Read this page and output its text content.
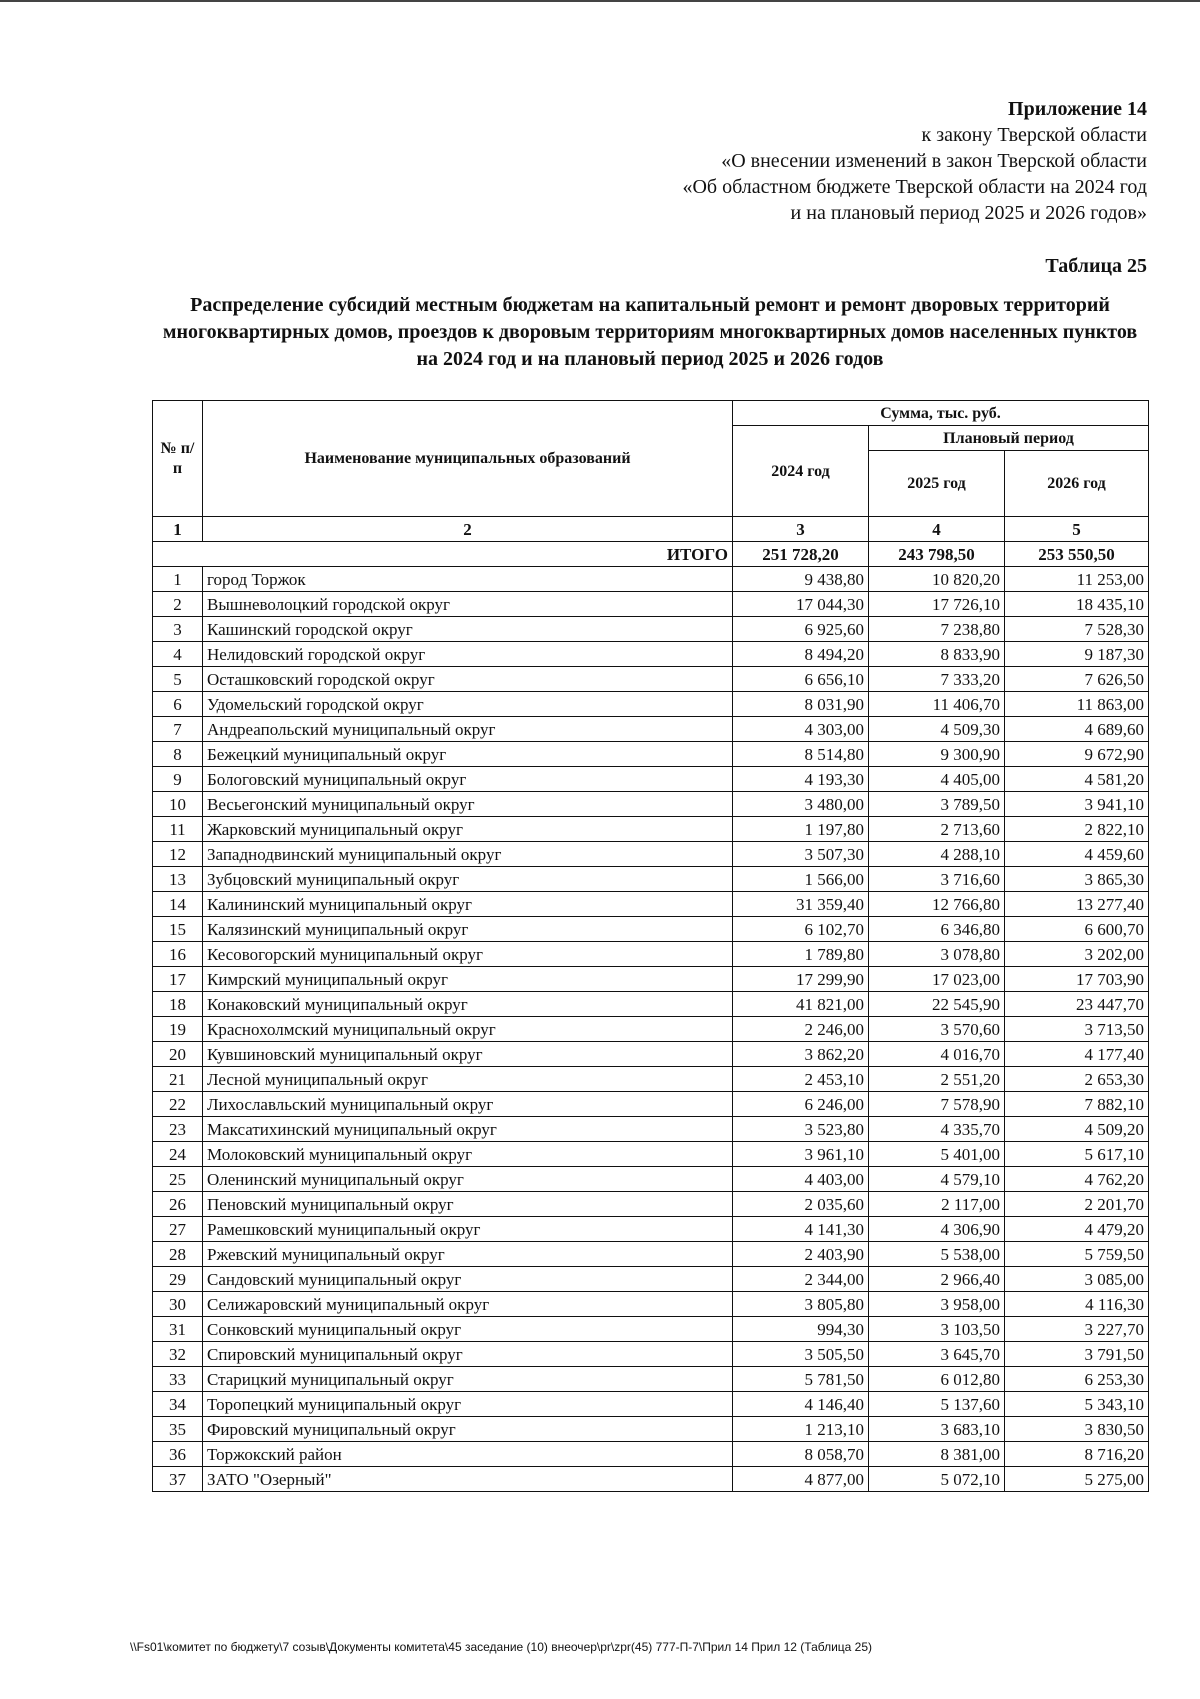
Приложение 14
к закону Тверской области
«О внесении изменений в закон Тверской области
«Об областном бюджете Тверской области на 2024 год
и на плановый период 2025 и 2026 годов»
Таблица 25
Распределение субсидий местным бюджетам на капитальный ремонт и ремонт дворовых территорий многоквартирных домов, проездов к дворовым территориям многоквартирных домов населенных пунктов на 2024 год и на плановый период 2025 и 2026 годов
№ п/п	Наименование муниципальных образований	Сумма, тыс. руб.		
		2024 год	Плановый период	
			2025 год	2026 год
1	2	3	4	5
ИТОГО		251 728,20	243 798,50	253 550,50
1	город Торжок	9 438,80	10 820,20	11 253,00
2	Вышневолоцкий городской округ	17 044,30	17 726,10	18 435,10
3	Кашинский городской округ	6 925,60	7 238,80	7 528,30
4	Нелидовский городской округ	8 494,20	8 833,90	9 187,30
5	Осташковский городской округ	6 656,10	7 333,20	7 626,50
6	Удомельский городской округ	8 031,90	11 406,70	11 863,00
7	Андреапольский муниципальный округ	4 303,00	4 509,30	4 689,60
8	Бежецкий муниципальный округ	8 514,80	9 300,90	9 672,90
9	Бологовский муниципальный округ	4 193,30	4 405,00	4 581,20
10	Весьегонский муниципальный округ	3 480,00	3 789,50	3 941,10
11	Жарковский муниципальный округ	1 197,80	2 713,60	2 822,10
12	Западнодвинский муниципальный округ	3 507,30	4 288,10	4 459,60
13	Зубцовский муниципальный округ	1 566,00	3 716,60	3 865,30
14	Калининский муниципальный округ	31 359,40	12 766,80	13 277,40
15	Калязинский муниципальный округ	6 102,70	6 346,80	6 600,70
16	Кесовогорский муниципальный округ	1 789,80	3 078,80	3 202,00
17	Кимрский муниципальный округ	17 299,90	17 023,00	17 703,90
18	Конаковский муниципальный округ	41 821,00	22 545,90	23 447,70
19	Краснохолмский муниципальный округ	2 246,00	3 570,60	3 713,50
20	Кувшиновский муниципальный округ	3 862,20	4 016,70	4 177,40
21	Лесной муниципальный округ	2 453,10	2 551,20	2 653,30
22	Лихославльский муниципальный округ	6 246,00	7 578,90	7 882,10
23	Максатихинский муниципальный округ	3 523,80	4 335,70	4 509,20
24	Молоковский муниципальный округ	3 961,10	5 401,00	5 617,10
25	Оленинский муниципальный округ	4 403,00	4 579,10	4 762,20
26	Пеновский муниципальный округ	2 035,60	2 117,00	2 201,70
27	Рамешковский муниципальный округ	4 141,30	4 306,90	4 479,20
28	Ржевский муниципальный округ	2 403,90	5 538,00	5 759,50
29	Сандовский муниципальный округ	2 344,00	2 966,40	3 085,00
30	Селижаровский муниципальный округ	3 805,80	3 958,00	4 116,30
31	Сонковский муниципальный округ	994,30	3 103,50	3 227,70
32	Спировский муниципальный округ	3 505,50	3 645,70	3 791,50
33	Старицкий муниципальный округ	5 781,50	6 012,80	6 253,30
34	Торопецкий муниципальный округ	4 146,40	5 137,60	5 343,10
35	Фировский муниципальный округ	1 213,10	3 683,10	3 830,50
36	Торжокский район	8 058,70	8 381,00	8 716,20
37	ЗАТО "Озерный"	4 877,00	5 072,10	5 275,00
\\Fs01\комитет по бюджету\7 созыв\Документы комитета\45 заседание (10) внеочер\pr\zpr(45) 777-П-7\Прил 14 Прил 12 (Таблица 25)
